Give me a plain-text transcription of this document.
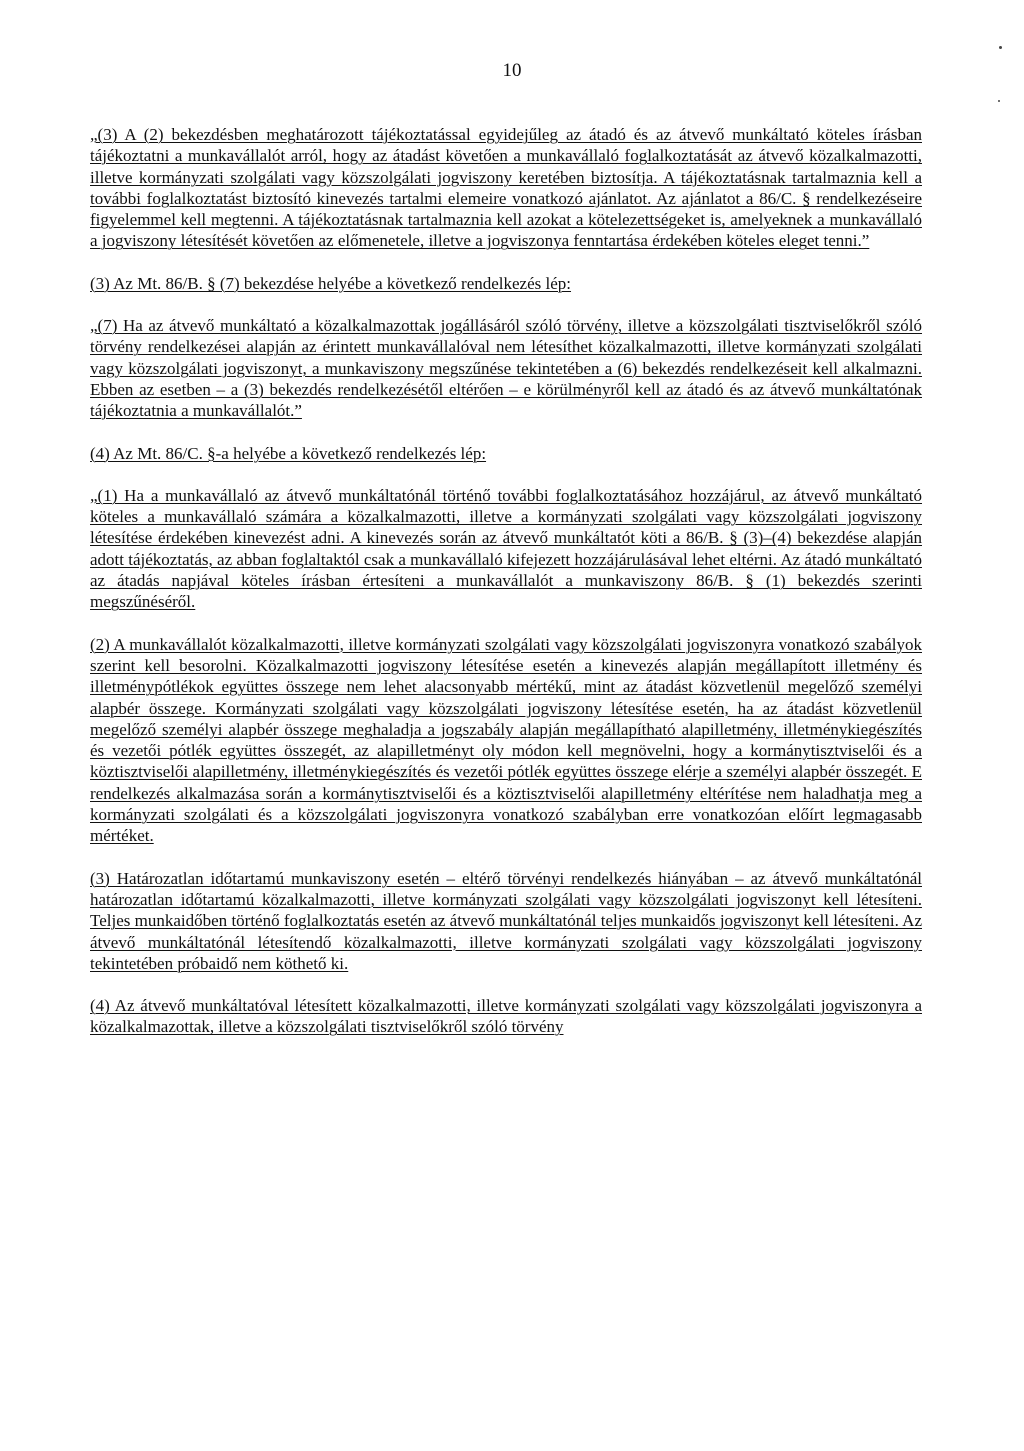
10

„(3) A (2) bekezdésben meghatározott tájékoztatással egyidejűleg az átadó és az átvevő munkáltató köteles írásban tájékoztatni a munkavállalót arról, hogy az átadást követően a munkavállaló foglalkoztatását az átvevő közalkalmazotti, illetve kormányzati szolgálati vagy közszolgálati jogviszony keretében biztosítja. A tájékoztatásnak tartalmaznia kell a további foglalkoztatást biztosító kinevezés tartalmi elemeire vonatkozó ajánlatot. Az ajánlatot a 86/C. § rendelkezéseire figyelemmel kell megtenni. A tájékoztatásnak tartalmaznia kell azokat a kötelezettségeket is, amelyeknek a munkavállaló a jogviszony létesítését követően az előmenetele, illetve a jogviszonya fenntartása érdekében köteles eleget tenni.”

(3) Az Mt. 86/B. § (7) bekezdése helyébe a következő rendelkezés lép:

„(7) Ha az átvevő munkáltató a közalkalmazottak jogállásáról szóló törvény, illetve a közszolgálati tisztviselőkről szóló törvény rendelkezései alapján az érintett munkavállalóval nem létesíthet közalkalmazotti, illetve kormányzati szolgálati vagy közszolgálati jogviszonyt, a munkaviszony megszűnése tekintetében a (6) bekezdés rendelkezéseit kell alkalmazni. Ebben az esetben – a (3) bekezdés rendelkezésétől eltérően – e körülményről kell az átadó és az átvevő munkáltatónak tájékoztatnia a munkavállalót.”

(4) Az Mt. 86/C. §-a helyébe a következő rendelkezés lép:

„(1) Ha a munkavállaló az átvevő munkáltatónál történő további foglalkoztatásához hozzájárul, az átvevő munkáltató köteles a munkavállaló számára a közalkalmazotti, illetve a kormányzati szolgálati vagy közszolgálati jogviszony létesítése érdekében kinevezést adni. A kinevezés során az átvevő munkáltatót köti a 86/B. § (3)–(4) bekezdése alapján adott tájékoztatás, az abban foglaltaktól csak a munkavállaló kifejezett hozzájárulásával lehet eltérni. Az átadó munkáltató az átadás napjával köteles írásban értesíteni a munkavállalót a munkaviszony 86/B. § (1) bekezdés szerinti megszűnéséről.

(2) A munkavállalót közalkalmazotti, illetve kormányzati szolgálati vagy közszolgálati jogviszonyra vonatkozó szabályok szerint kell besorolni. Közalkalmazotti jogviszony létesítése esetén a kinevezés alapján megállapított illetmény és illetménypótlékok együttes összege nem lehet alacsonyabb mértékű, mint az átadást közvetlenül megelőző személyi alapbér összege. Kormányzati szolgálati vagy közszolgálati jogviszony létesítése esetén, ha az átadást közvetlenül megelőző személyi alapbér összege meghaladja a jogszabály alapján megállapítható alapilletmény, illetménykiegészítés és vezetői pótlék együttes összegét, az alapilletményt oly módon kell megnövelni, hogy a kormánytisztviselői és a köztisztviselői alapilletmény, illetménykiegészítés és vezetői pótlék együttes összege elérje a személyi alapbér összegét. E rendelkezés alkalmazása során a kormánytisztviselői és a köztisztviselői alapilletmény eltérítése nem haladhatja meg a kormányzati szolgálati és a közszolgálati jogviszonyra vonatkozó szabályban erre vonatkozóan előírt legmagasabb mértéket.

(3) Határozatlan időtartamú munkaviszony esetén – eltérő törvényi rendelkezés hiányában – az átvevő munkáltatónál határozatlan időtartamú közalkalmazotti, illetve kormányzati szolgálati vagy közszolgálati jogviszonyt kell létesíteni. Teljes munkaidőben történő foglalkoztatás esetén az átvevő munkáltatónál teljes munkaidős jogviszonyt kell létesíteni. Az átvevő munkáltatónál létesítendő közalkalmazotti, illetve kormányzati szolgálati vagy közszolgálati jogviszony tekintetében próbaidő nem köthető ki.

(4) Az átvevő munkáltatóval létesített közalkalmazotti, illetve kormányzati szolgálati vagy közszolgálati jogviszonyra a közalkalmazottak, illetve a közszolgálati tisztviselőkről szóló törvény
